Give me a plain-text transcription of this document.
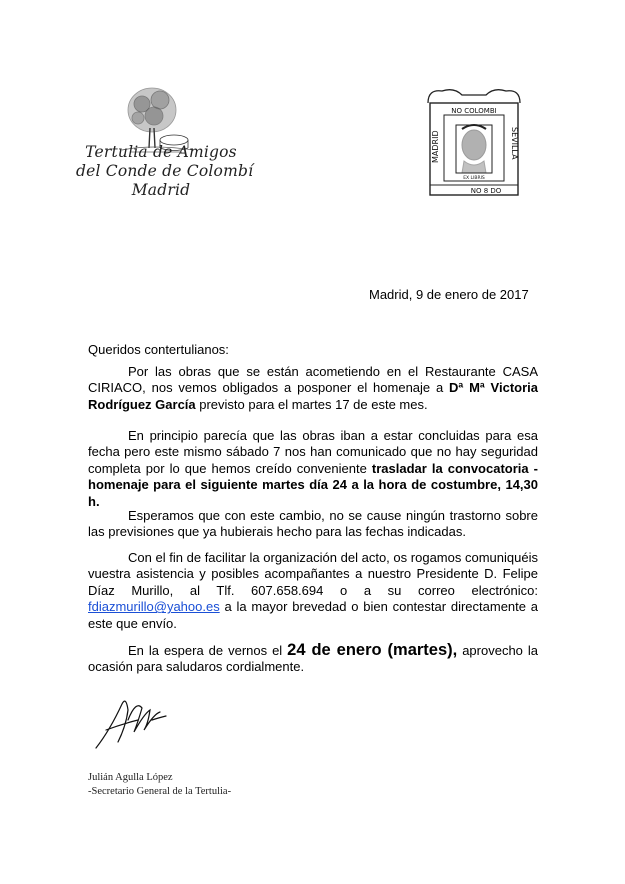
Tertulia de Amigos
del Conde de Colombí
Madrid
NO COLOMBI
MADRID	SEVILLA
EX LIBRIS
NO 8 DO
Madrid, 9 de enero de 2017
Queridos contertulianos:
Por las obras que se están acometiendo en el Restaurante CASA CIRIACO, nos vemos obligados a posponer el homenaje a Dª Mª Victoria Rodríguez García previsto para el martes 17 de este mes.
En principio parecía que las obras iban a estar concluidas para esa fecha pero este mismo sábado 7 nos han comunicado que no hay seguridad completa por lo que hemos creído conveniente trasladar la convocatoria - homenaje para el siguiente martes día 24 a la hora de costumbre, 14,30 h.
Esperamos que con este cambio, no se cause ningún trastorno sobre las previsiones que ya hubierais hecho para las fechas indicadas.
Con el fin de facilitar la organización del acto, os rogamos comuniquéis vuestra asistencia y posibles acompañantes a nuestro Presidente D. Felipe Díaz Murillo, al Tlf. 607.658.694 o a su correo electrónico: fdiazmurillo@yahoo.es a la mayor brevedad o bien contestar directamente a este que envío.
En la espera de vernos el 24 de enero (martes), aprovecho la ocasión para saludaros cordialmente.
Julián Agulla López
-Secretario General de la Tertulia-
